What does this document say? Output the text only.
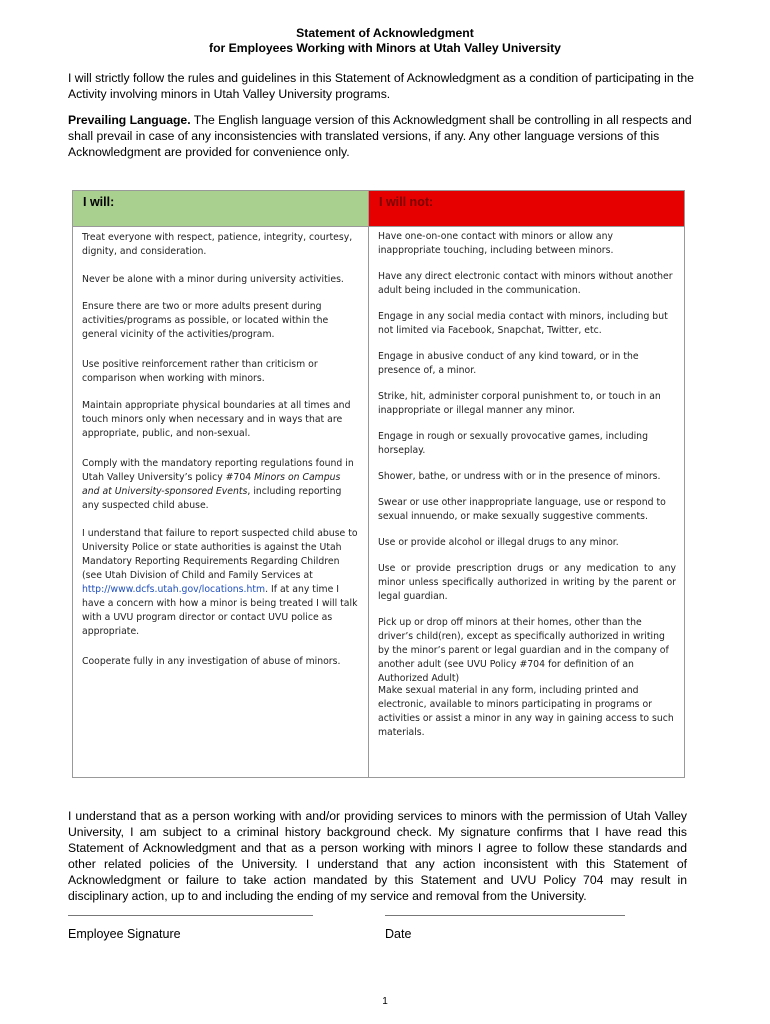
Statement of Acknowledgment
for Employees Working with Minors at Utah Valley University
I will strictly follow the rules and guidelines in this Statement of Acknowledgment as a condition of participating in the Activity involving minors in Utah Valley University programs.
Prevailing Language. The English language version of this Acknowledgment shall be controlling in all respects and shall prevail in case of any inconsistencies with translated versions, if any. Any other language versions of this Acknowledgment are provided for convenience only.
I will:

Treat everyone with respect, patience, integrity, courtesy, dignity, and consideration.

Never be alone with a minor during university activities.

Ensure there are two or more adults present during activities/programs as possible, or located within the general vicinity of the activities/program.

Use positive reinforcement rather than criticism or comparison when working with minors.

Maintain appropriate physical boundaries at all times and touch minors only when necessary and in ways that are appropriate, public, and non-sexual.

Comply with the mandatory reporting regulations found in Utah Valley University’s policy #704 Minors on Campus and at University-sponsored Events, including reporting any suspected child abuse.

I understand that failure to report suspected child abuse to University Police or state authorities is against the Utah Mandatory Reporting Requirements Regarding Children (see Utah Division of Child and Family Services at http://www.dcfs.utah.gov/locations.htm. If at any time I have a concern with how a minor is being treated I will talk with a UVU program director or contact UVU police as appropriate.

Cooperate fully in any investigation of abuse of minors.

I will not:

Have one-on-one contact with minors or allow any inappropriate touching, including between minors.

Have any direct electronic contact with minors without another adult being included in the communication.

Engage in any social media contact with minors, including but not limited via Facebook, Snapchat, Twitter, etc.

Engage in abusive conduct of any kind toward, or in the presence of, a minor.

Strike, hit, administer corporal punishment to, or touch in an inappropriate or illegal manner any minor.

Engage in rough or sexually provocative games, including horseplay.

Shower, bathe, or undress with or in the presence of minors.

Swear or use other inappropriate language, use or respond to sexual innuendo, or make sexually suggestive comments.

Use or provide alcohol or illegal drugs to any minor.

Use or provide prescription drugs or any medication to any minor unless specifically authorized in writing by the parent or legal guardian.

Pick up or drop off minors at their homes, other than the driver’s child(ren), except as specifically authorized in writing by the minor’s parent or legal guardian and in the company of another adult (see UVU Policy #704 for definition of an Authorized Adult)

Make sexual material in any form, including printed and electronic, available to minors participating in programs or activities or assist a minor in any way in gaining access to such materials.

I understand that as a person working with and/or providing services to minors with the permission of Utah Valley University, I am subject to a criminal history background check. My signature confirms that I have read this Statement of Acknowledgment and that as a person working with minors I agree to follow these standards and other related policies of the University. I understand that any action inconsistent with this Statement of Acknowledgment or failure to take action mandated by this Statement and UVU Policy 704 may result in disciplinary action, up to and including the ending of my service and removal from the University.
Employee Signature	Date
1
